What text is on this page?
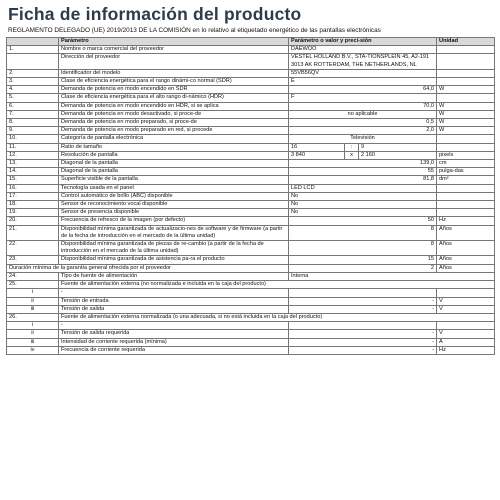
Ficha de información del producto
REGLAMENTO DELEGADO (UE) 2019/2013 DE LA COMISIÓN en lo relativo al etiquetado energético de las pantallas electrónicas
	Parámetro	Parámetro o valor y preci-sión			Unidad
1.	Nombre o marca comercial del proveedor	DAEWOO			
	Dirección del proveedor	VESTEL HOLLAND B.V., STA-TIONSPLEIN 45, A2-191 3013 AK ROTTERDAM, THE NETHERLANDS, NL			
2.	Identificador del modelo	55VB56QV			
3.	Clase de eficiencia energética para el rango dinámi-co normal (SDR)	E			
4.	Demanda de potencia en modo encendido en SDR	64,0			W
5.	Clase de eficiencia energética para el alto rango di-námico (HDR)	F			
6.	Demanda de potencia en modo encendido en HDR, si se aplica	70,0			W
7.	Demanda de potencia en modo desactivado, si proce-de	no aplicable			W
8.	Demanda de potencia en modo preparado, si proce-de	0,5			W
9.	Demanda de potencia en modo preparado en red, si procede	2,0			W
10.	Categoría de pantalla electrónica	Televisión			
11.	Ratio de tamaño	16	:	9	
12.	Resolución de pantalla	3 840	x	2 160	pixels
13.	Diagonal de la pantalla	139,0			cm
14.	Diagonal de la pantalla	55			pulga-das
15.	Superficie visible de la pantalla	81,8			dm²
16.	Tecnología usada en el panel	LED LCD			
17.	Control automático de brillo (ABC) disponible	No			
18.	Sensor de reconocimiento vocal disponible	No			
19.	Sensor de presencia disponible	No			
20.	Frecuencia de refresco de la imagen (por defecto)	50			Hz
21.	Disponibilidad mínima garantizada de actualizacio-nes de software y de firmware (a partir de la fecha de introducción en el mercado de la última unidad)	8			Años
22.	Disponibilidad mínima garantizada de piezas de re-cambio (a partir de la fecha de introducción en el mercado de la última unidad)	8			Años
23.	Disponibilidad mínima garantizada de asistencia pa-ra el producto	15			Años
Duración mínima de la garantía general ofrecida por el proveedor		2			Años
24.	Tipo de fuente de alimentación	Interna			
25.	Fuente de alimentación externa (no normalizada e incluida en la caja del producto)				
i	-				
ii	Tensión de entrada	-			V
iii	Tensión de salida	-			V
26.	Fuente de alimentación externa normalizada (o una adecuada, si no está incluida en la caja del producto)				
i	-				
ii	Tensión de salida requerida	-			V
iii	Intensidad de corriente requerida (mínima)	-			A
iv	Frecuencia de corriente requerida	-			Hz
